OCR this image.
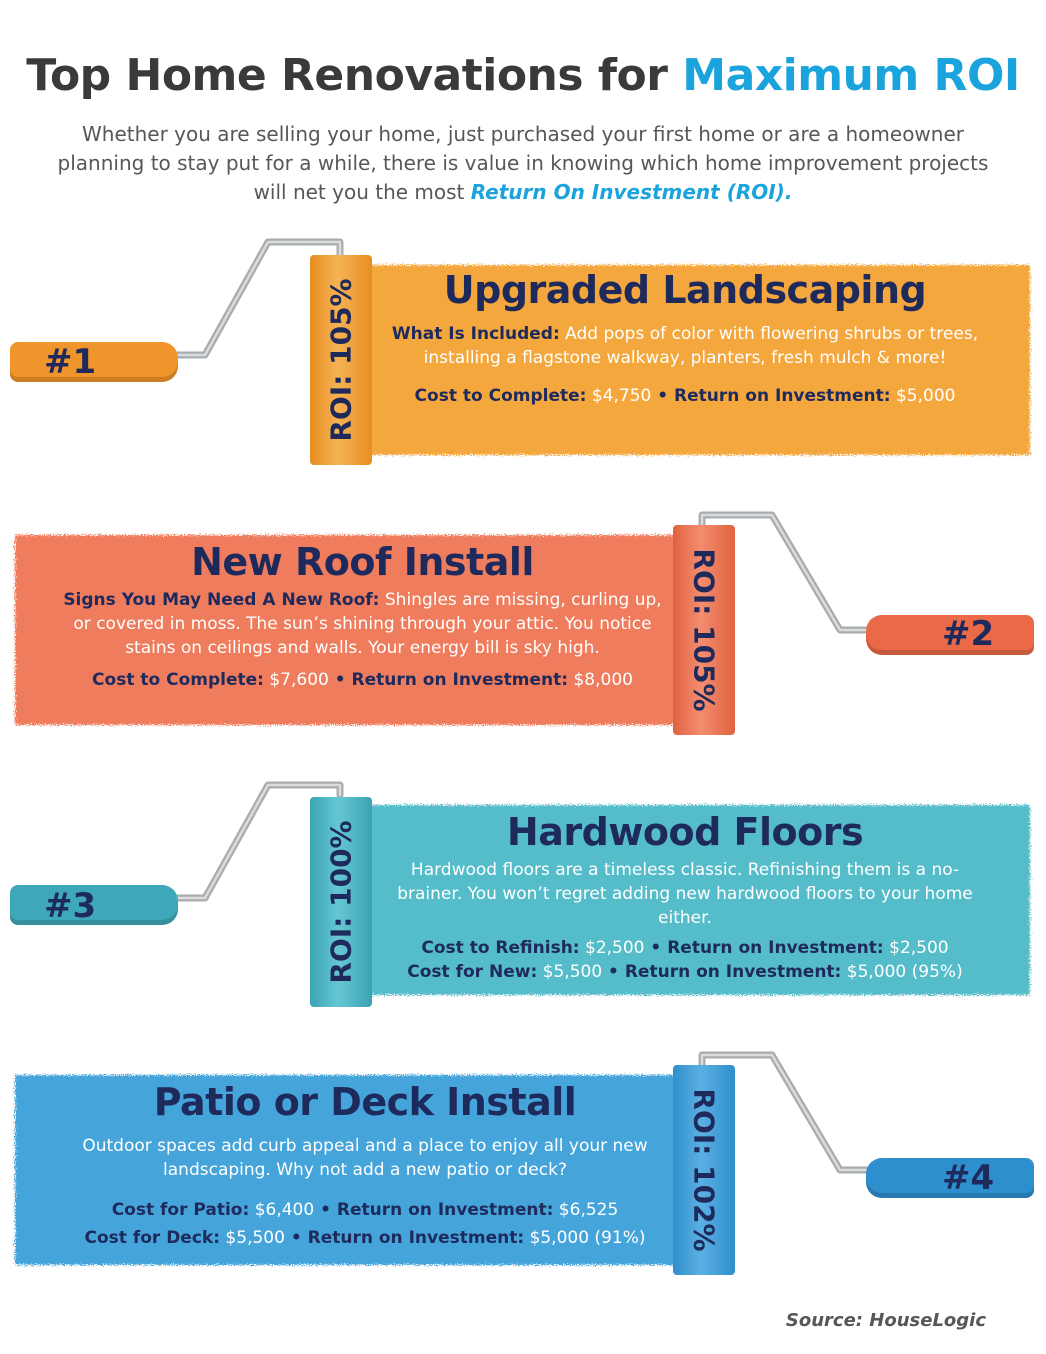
Top Home Renovations for Maximum ROI
Whether you are selling your home, just purchased your first home or are a homeowner planning to stay put for a while, there is value in knowing which home improvement projects will net you the most Return On Investment (ROI).
#1
#2
#3
#4
ROI: 105%
ROI: 105%
ROI: 100%
ROI: 102%
Upgraded Landscaping

What Is Included: Add pops of color with flowering shrubs or trees, installing a flagstone walkway, planters, fresh mulch & more!

Cost to Complete: $4,750 • Return on Investment: $5,000

New Roof Install

Signs You May Need A New Roof: Shingles are missing, curling up, or covered in moss. The sun’s shining through your attic. You notice stains on ceilings and walls. Your energy bill is sky high.

Cost to Complete: $7,600 • Return on Investment: $8,000

Hardwood Floors

Hardwood floors are a timeless classic. Refinishing them is a no-brainer. You won’t regret adding new hardwood floors to your home either.

Cost to Refinish: $2,500 • Return on Investment: $2,500

Cost for New: $5,500 • Return on Investment: $5,000 (95%)

Patio or Deck Install

Outdoor spaces add curb appeal and a place to enjoy all your new landscaping. Why not add a new patio or deck?

Cost for Patio: $6,400 • Return on Investment: $6,525

Cost for Deck: $5,500 • Return on Investment: $5,000 (91%)

Source: HouseLogic
